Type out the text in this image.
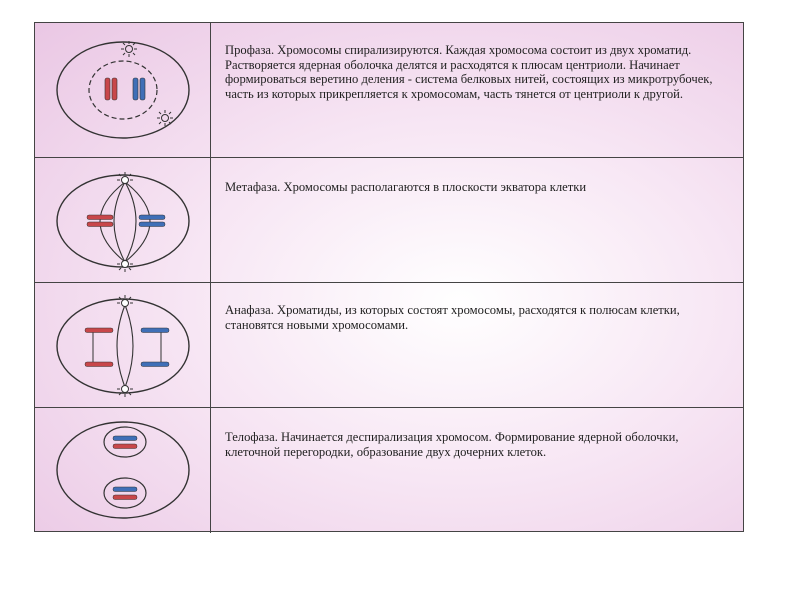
Профаза. Хромосомы спирализируются. Каждая хромосома состоит из двух хроматид. Растворяется ядерная оболочка делятся и расходятся к плюсам центриоли. Начинает формироваться веретино деления - система белковых нитей, состоящих из микротрубочек, часть из которых прикрепляется к хромосомам, часть тянется от центриоли к другой.
Метафаза. Хромосомы располагаются в плоскости экватора клетки
Анафаза. Хроматиды, из которых состоят хромосомы, расходятся к полюсам клетки, становятся новыми хромосомами.
Телофаза. Начинается деспирализация хромосом. Формирование ядерной оболочки, клеточной перегородки, образование двух дочерних клеток.
